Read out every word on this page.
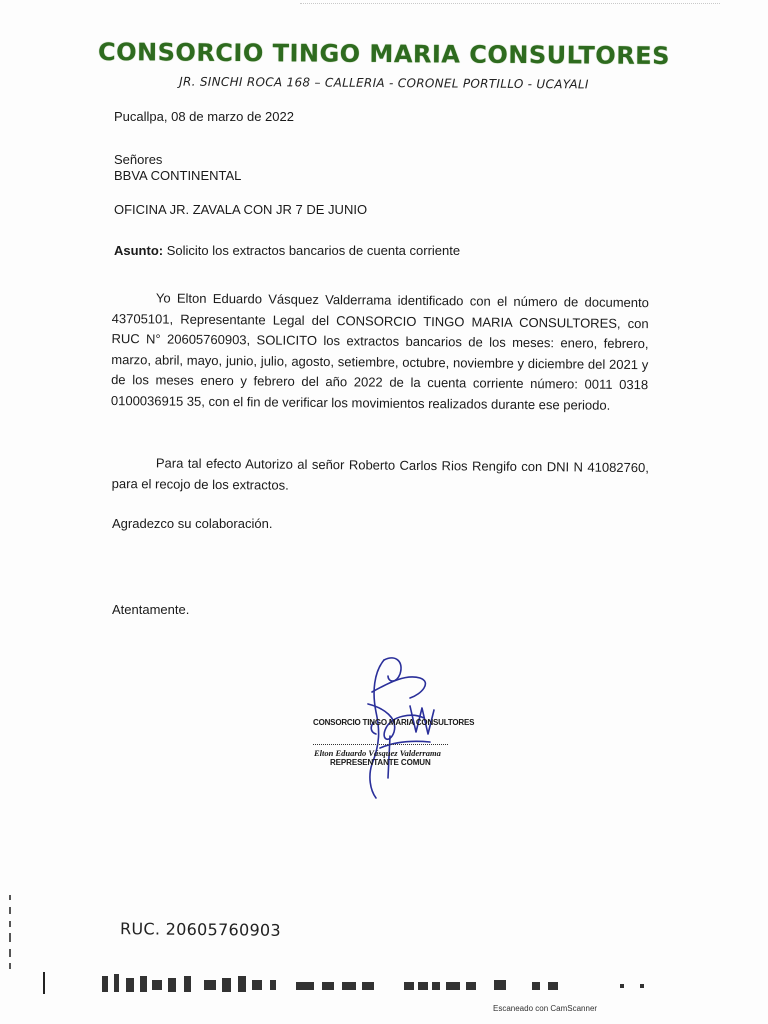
CONSORCIO TINGO MARIA CONSULTORES
JR. SINCHI ROCA 168 – CALLERIA - CORONEL PORTILLO - UCAYALI
Pucallpa, 08 de marzo de 2022
Señores
BBVA CONTINENTAL
OFICINA JR. ZAVALA CON JR 7 DE JUNIO
Asunto: Solicito los extractos bancarios de cuenta corriente
Yo Elton Eduardo Vásquez Valderrama identificado con el número de documento 43705101, Representante Legal del CONSORCIO TINGO MARIA CONSULTORES, con RUC N° 20605760903, SOLICITO los extractos bancarios de los meses: enero, febrero, marzo, abril, mayo, junio, julio, agosto, setiembre, octubre, noviembre y diciembre del 2021 y de los meses enero y febrero del año 2022 de la cuenta corriente número: 0011 0318 0100036915 35, con el fin de verificar los movimientos realizados durante ese periodo.
Para tal efecto Autorizo al señor Roberto Carlos Rios Rengifo con DNI N 41082760, para el recojo de los extractos.
Agradezco su colaboración.
Atentamente.
CONSORCIO TINGO MARIA CONSULTORES
Elton Eduardo Vásquez Valderrama
REPRESENTANTE COMUN
RUC. 20605760903
Escaneado con CamScanner
